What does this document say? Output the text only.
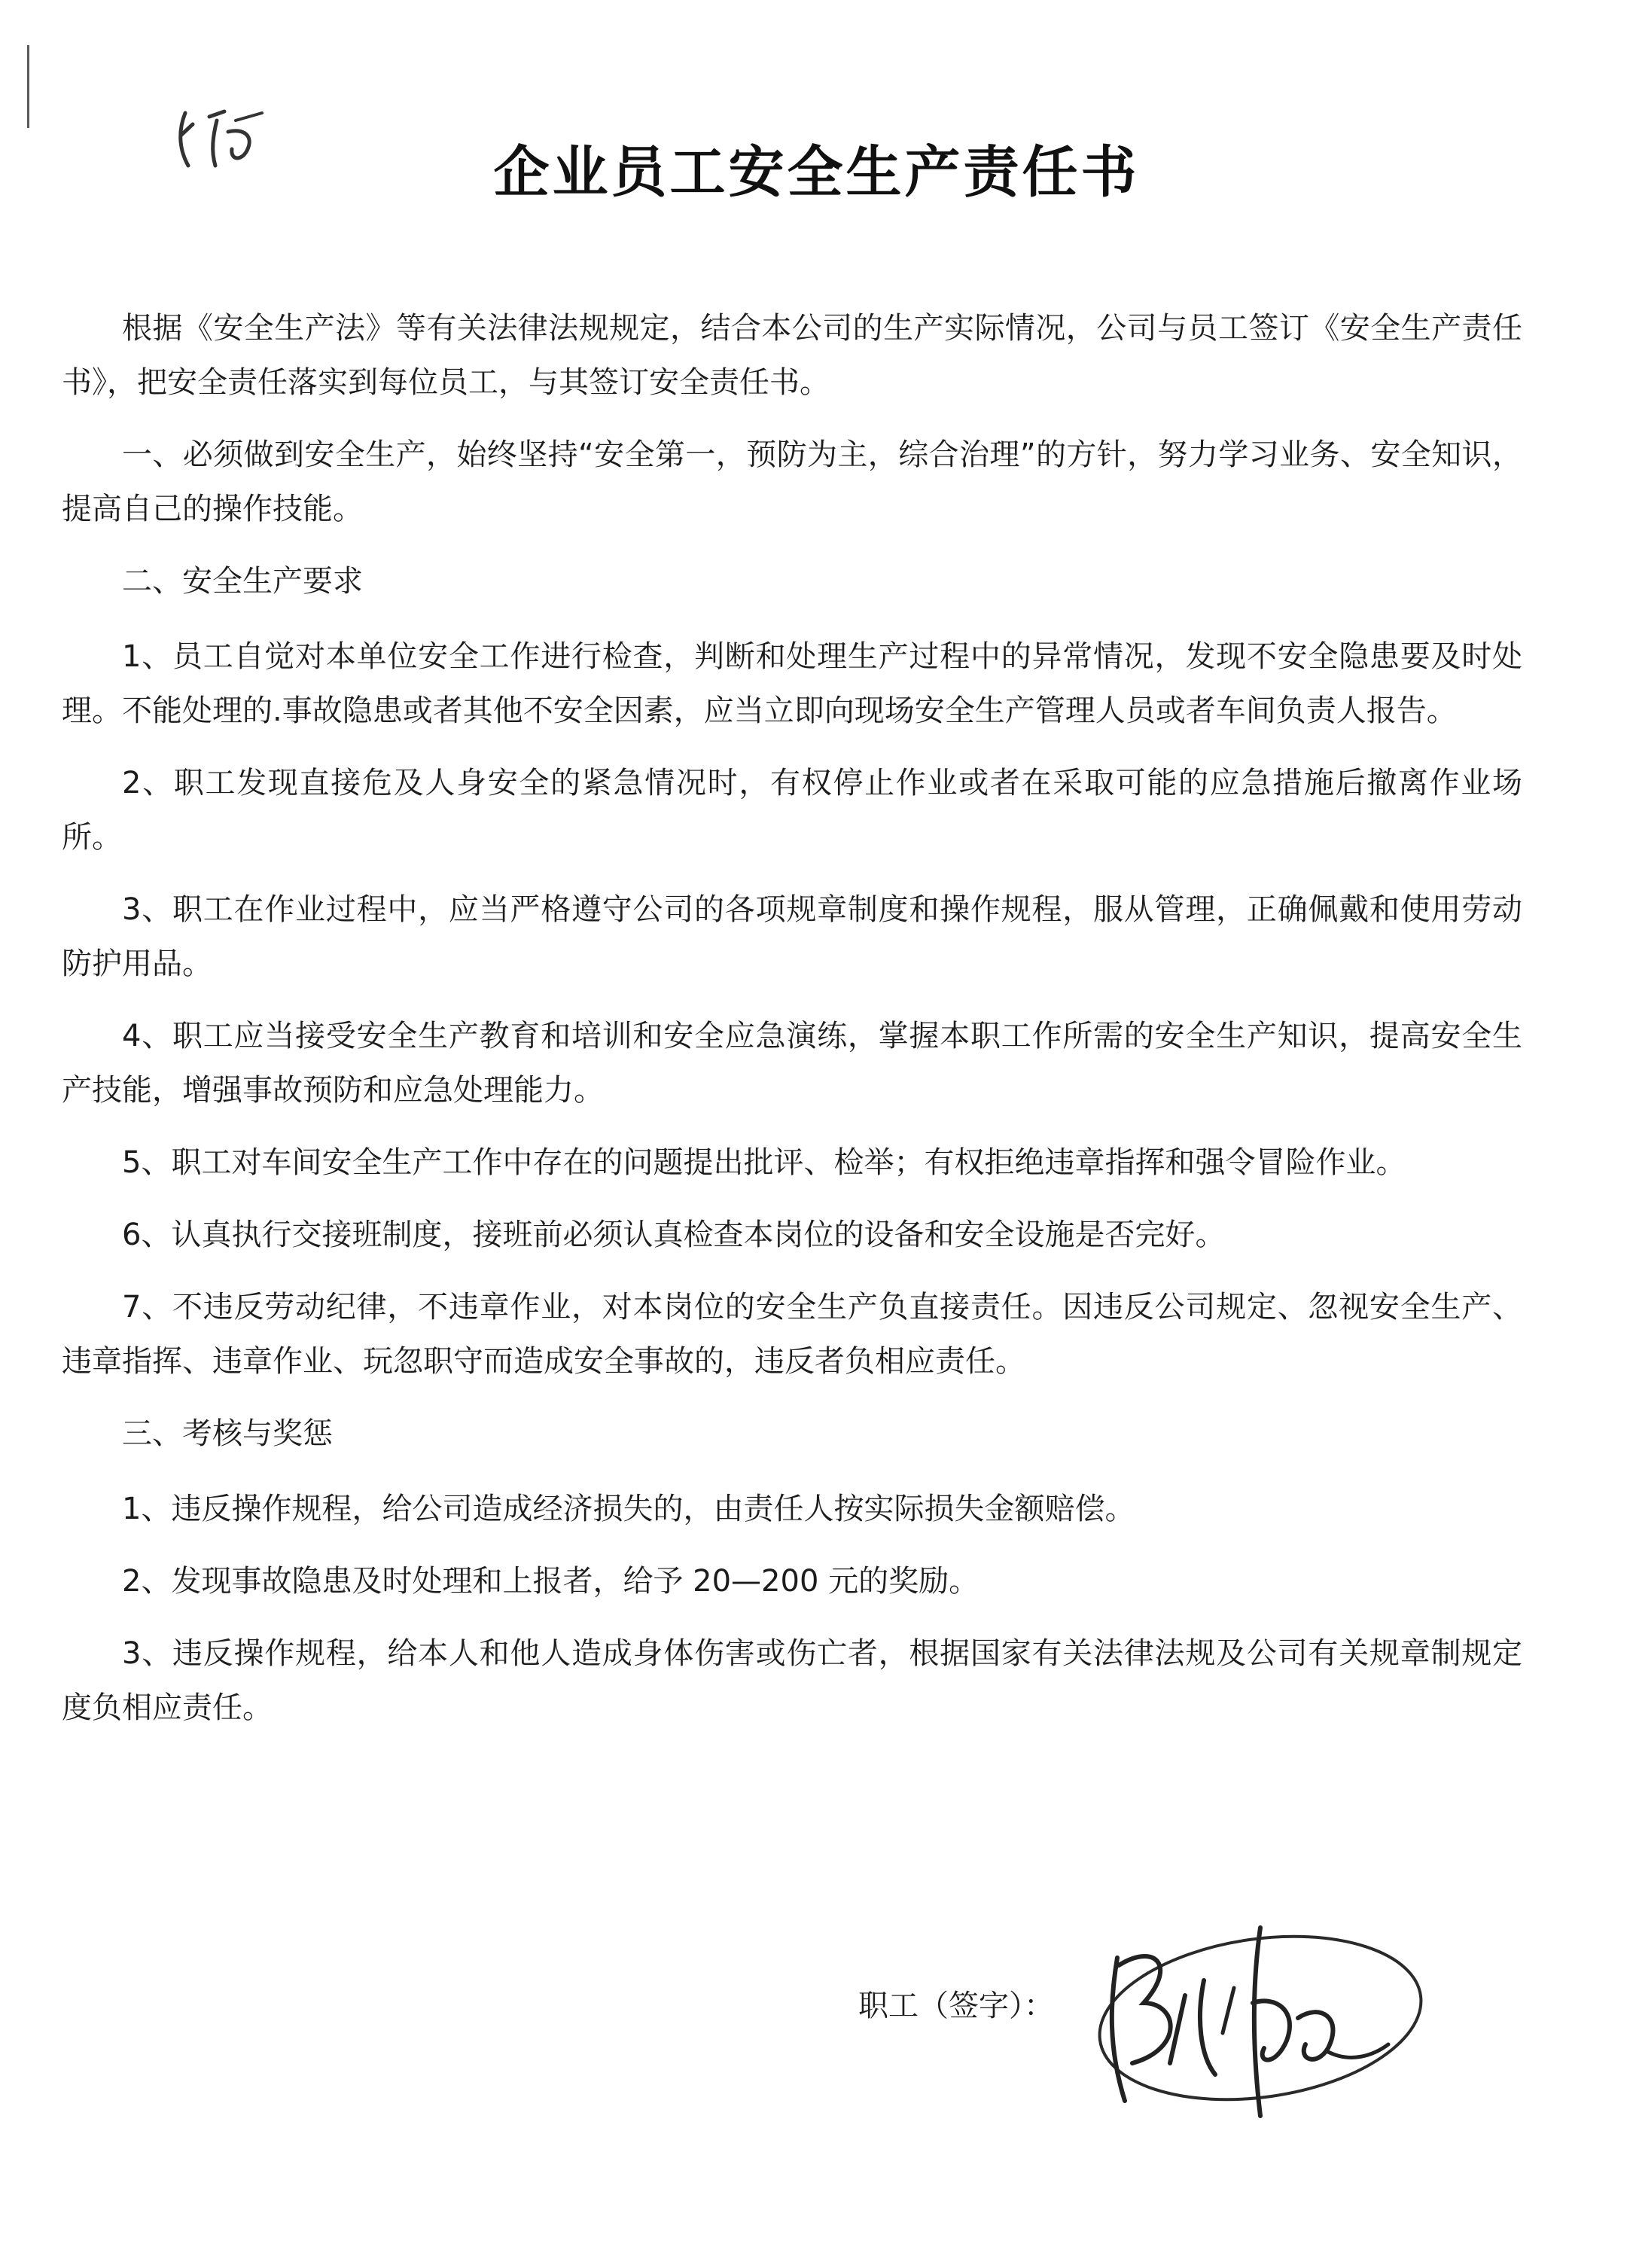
企业员工安全生产责任书

根据《安全生产法》等有关法律法规规定，结合本公司的生产实际情况，公司与员工签订《安全生产责任书》，把安全责任落实到每位员工，与其签订安全责任书。

一、必须做到安全生产，始终坚持“安全第一，预防为主，综合治理”的方针，努力学习业务、安全知识，提高自己的操作技能。

二、安全生产要求

1、员工自觉对本单位安全工作进行检查，判断和处理生产过程中的异常情况，发现不安全隐患要及时处理。不能处理的.事故隐患或者其他不安全因素，应当立即向现场安全生产管理人员或者车间负责人报告。

2、职工发现直接危及人身安全的紧急情况时，有权停止作业或者在采取可能的应急措施后撤离作业场所。

3、职工在作业过程中，应当严格遵守公司的各项规章制度和操作规程，服从管理，正确佩戴和使用劳动防护用品。

4、职工应当接受安全生产教育和培训和安全应急演练，掌握本职工作所需的安全生产知识，提高安全生产技能，增强事故预防和应急处理能力。

5、职工对车间安全生产工作中存在的问题提出批评、检举；有权拒绝违章指挥和强令冒险作业。

6、认真执行交接班制度，接班前必须认真检查本岗位的设备和安全设施是否完好。

7、不违反劳动纪律，不违章作业，对本岗位的安全生产负直接责任。因违反公司规定、忽视安全生产、违章指挥、违章作业、玩忽职守而造成安全事故的，违反者负相应责任。

三、考核与奖惩

1、违反操作规程，给公司造成经济损失的，由责任人按实际损失金额赔偿。

2、发现事故隐患及时处理和上报者，给予 20—200 元的奖励。

3、违反操作规程，给本人和他人造成身体伤害或伤亡者，根据国家有关法律法规及公司有关规章制规定度负相应责任。

职工（签字）：
